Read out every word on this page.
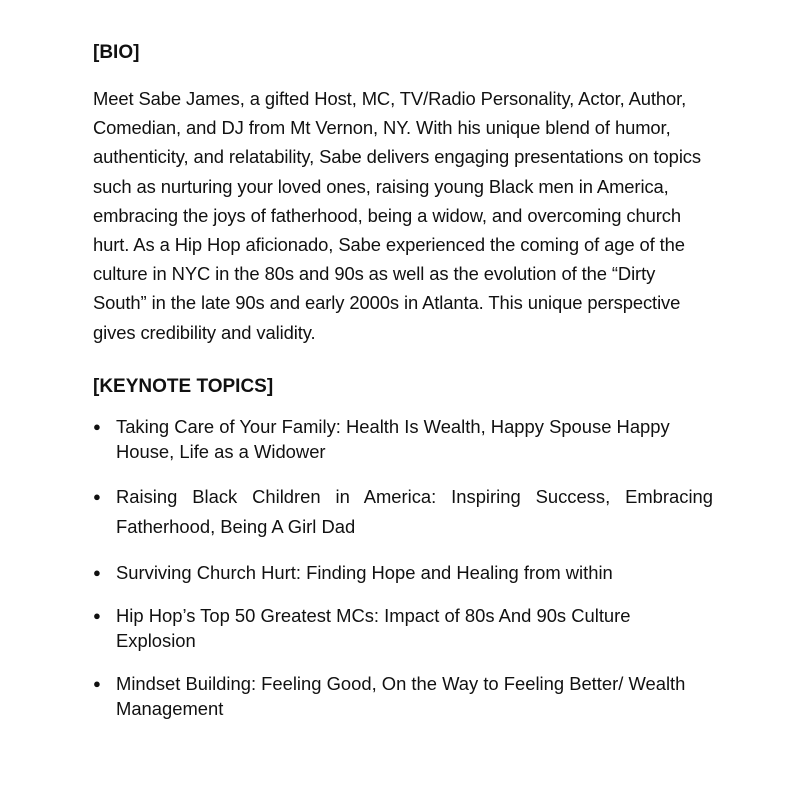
[BIO]

Meet Sabe James, a gifted Host, MC, TV/Radio Personality, Actor, Author, Comedian, and DJ from Mt Vernon, NY. With his unique blend of humor, authenticity, and relatability, Sabe delivers engaging presentations on topics such as nurturing your loved ones, raising young Black men in America, embracing the joys of fatherhood, being a widow, and overcoming church hurt. As a Hip Hop aficionado, Sabe experienced the coming of age of the culture in NYC in the 80s and 90s as well as the evolution of the “Dirty South” in the late 90s and early 2000s in Atlanta. This unique perspective gives credibility and validity.

[KEYNOTE TOPICS]
● Taking Care of Your Family: Health Is Wealth, Happy Spouse Happy House, Life as a Widower
● Raising Black Children in America: Inspiring Success, Embracing Fatherhood, Being A Girl Dad
● Surviving Church Hurt: Finding Hope and Healing from within
● Hip Hop’s Top 50 Greatest MCs: Impact of 80s And 90s Culture Explosion
● Mindset Building: Feeling Good, On the Way to Feeling Better/ Wealth Management
